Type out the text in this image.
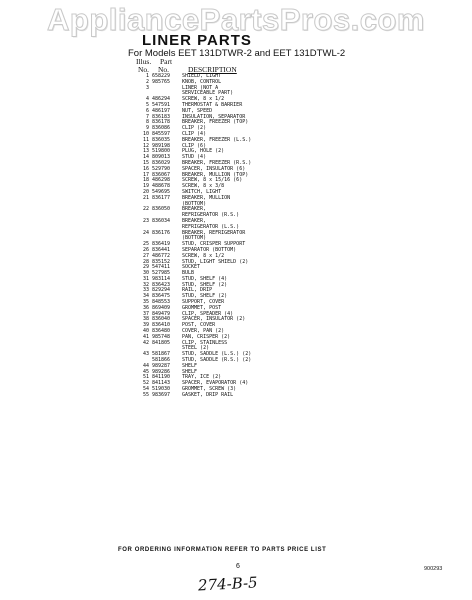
AppliancePartsPros.com
LINER PARTS
For Models EET 131DTWR-2 and EET 131DTWL-2
Illus.
No.
Part
No.	DESCRIPTION
1 658229	SHIELD, LIGHT
2 985765	KNOB, CONTROL
3	LINER (NOT A
SERVICEABLE PART)
4 486294	SCREW, 8 x 1/2
5 547591	THERMOSTAT & BARRIER
6 486197	NUT, SPEED
7 836183	INSULATION, SEPARATOR
8 836178	BREAKER, FREEZER (TOP)
9 836086	CLIP (2)
10 845597	CLIP (4)
11 836035	BREAKER, FREEZER (L.S.)
12 989198	CLIP (6)
13 519800	PLUG, HOLE (2)
14 809013	STUD (4)
15 836029	BREAKER, FREEZER (R.S.)
16 529790	SPACER, INSULATOR (6)
17 836067	BREAKER, MULLION (TOP)
18 486298	SCREW, 8 x 15/16 (6)
19 488678	SCREW, 8 x 3/8
20 549695	SWITCH, LIGHT
21 836177	BREAKER, MULLION
(BOTTOM)
22 836050	BREAKER,
REFRIGERATOR (R.S.)
23 836034	BREAKER,
REFRIGERATOR (L.S.)
24 836176	BREAKER, REFRIGERATOR
(BOTTOM)
25 836419	STUD, CRISPER SUPPORT
26 836441	SEPARATOR (BOTTOM)
27 486772	SCREW, 8 x 1/2
28 835152	STUD, LIGHT SHIELD (2)
29 547411	SOCKET
30 527985	BULB
31 983114	STUD, SHELF (4)
32 836423	STUD, SHELF (2)
33 829294	RAIL, DRIP
34 836475	STUD, SHELF (2)
35 848553	SUPPORT, COVER
36 869409	GROMMET, POST
37 849479	CLIP, SPEADER (4)
38 836040	SPACER, INSULATOR (2)
39 836410	POST, COVER
40 836480	COVER, PAN (2)
41 985748	PAN, CRISPER (2)
42 841805	CLIP, STAINLESS
STEEL (2)
43 581867	STUD, SADDLE (L.S.) (2)
581866	STUD, SADDLE (R.S.) (2)
44 989287	SHELF
45 989286	SHELF
51 841190	TRAY, ICE (2)
52 841143	SPACER, EVAPORATOR (4)
54 519030	GROMMET, SCREW (3)
55 983697	GASKET, DRIP RAIL
FOR ORDERING INFORMATION REFER TO PARTS PRICE LIST
6	900293
274-B-5
